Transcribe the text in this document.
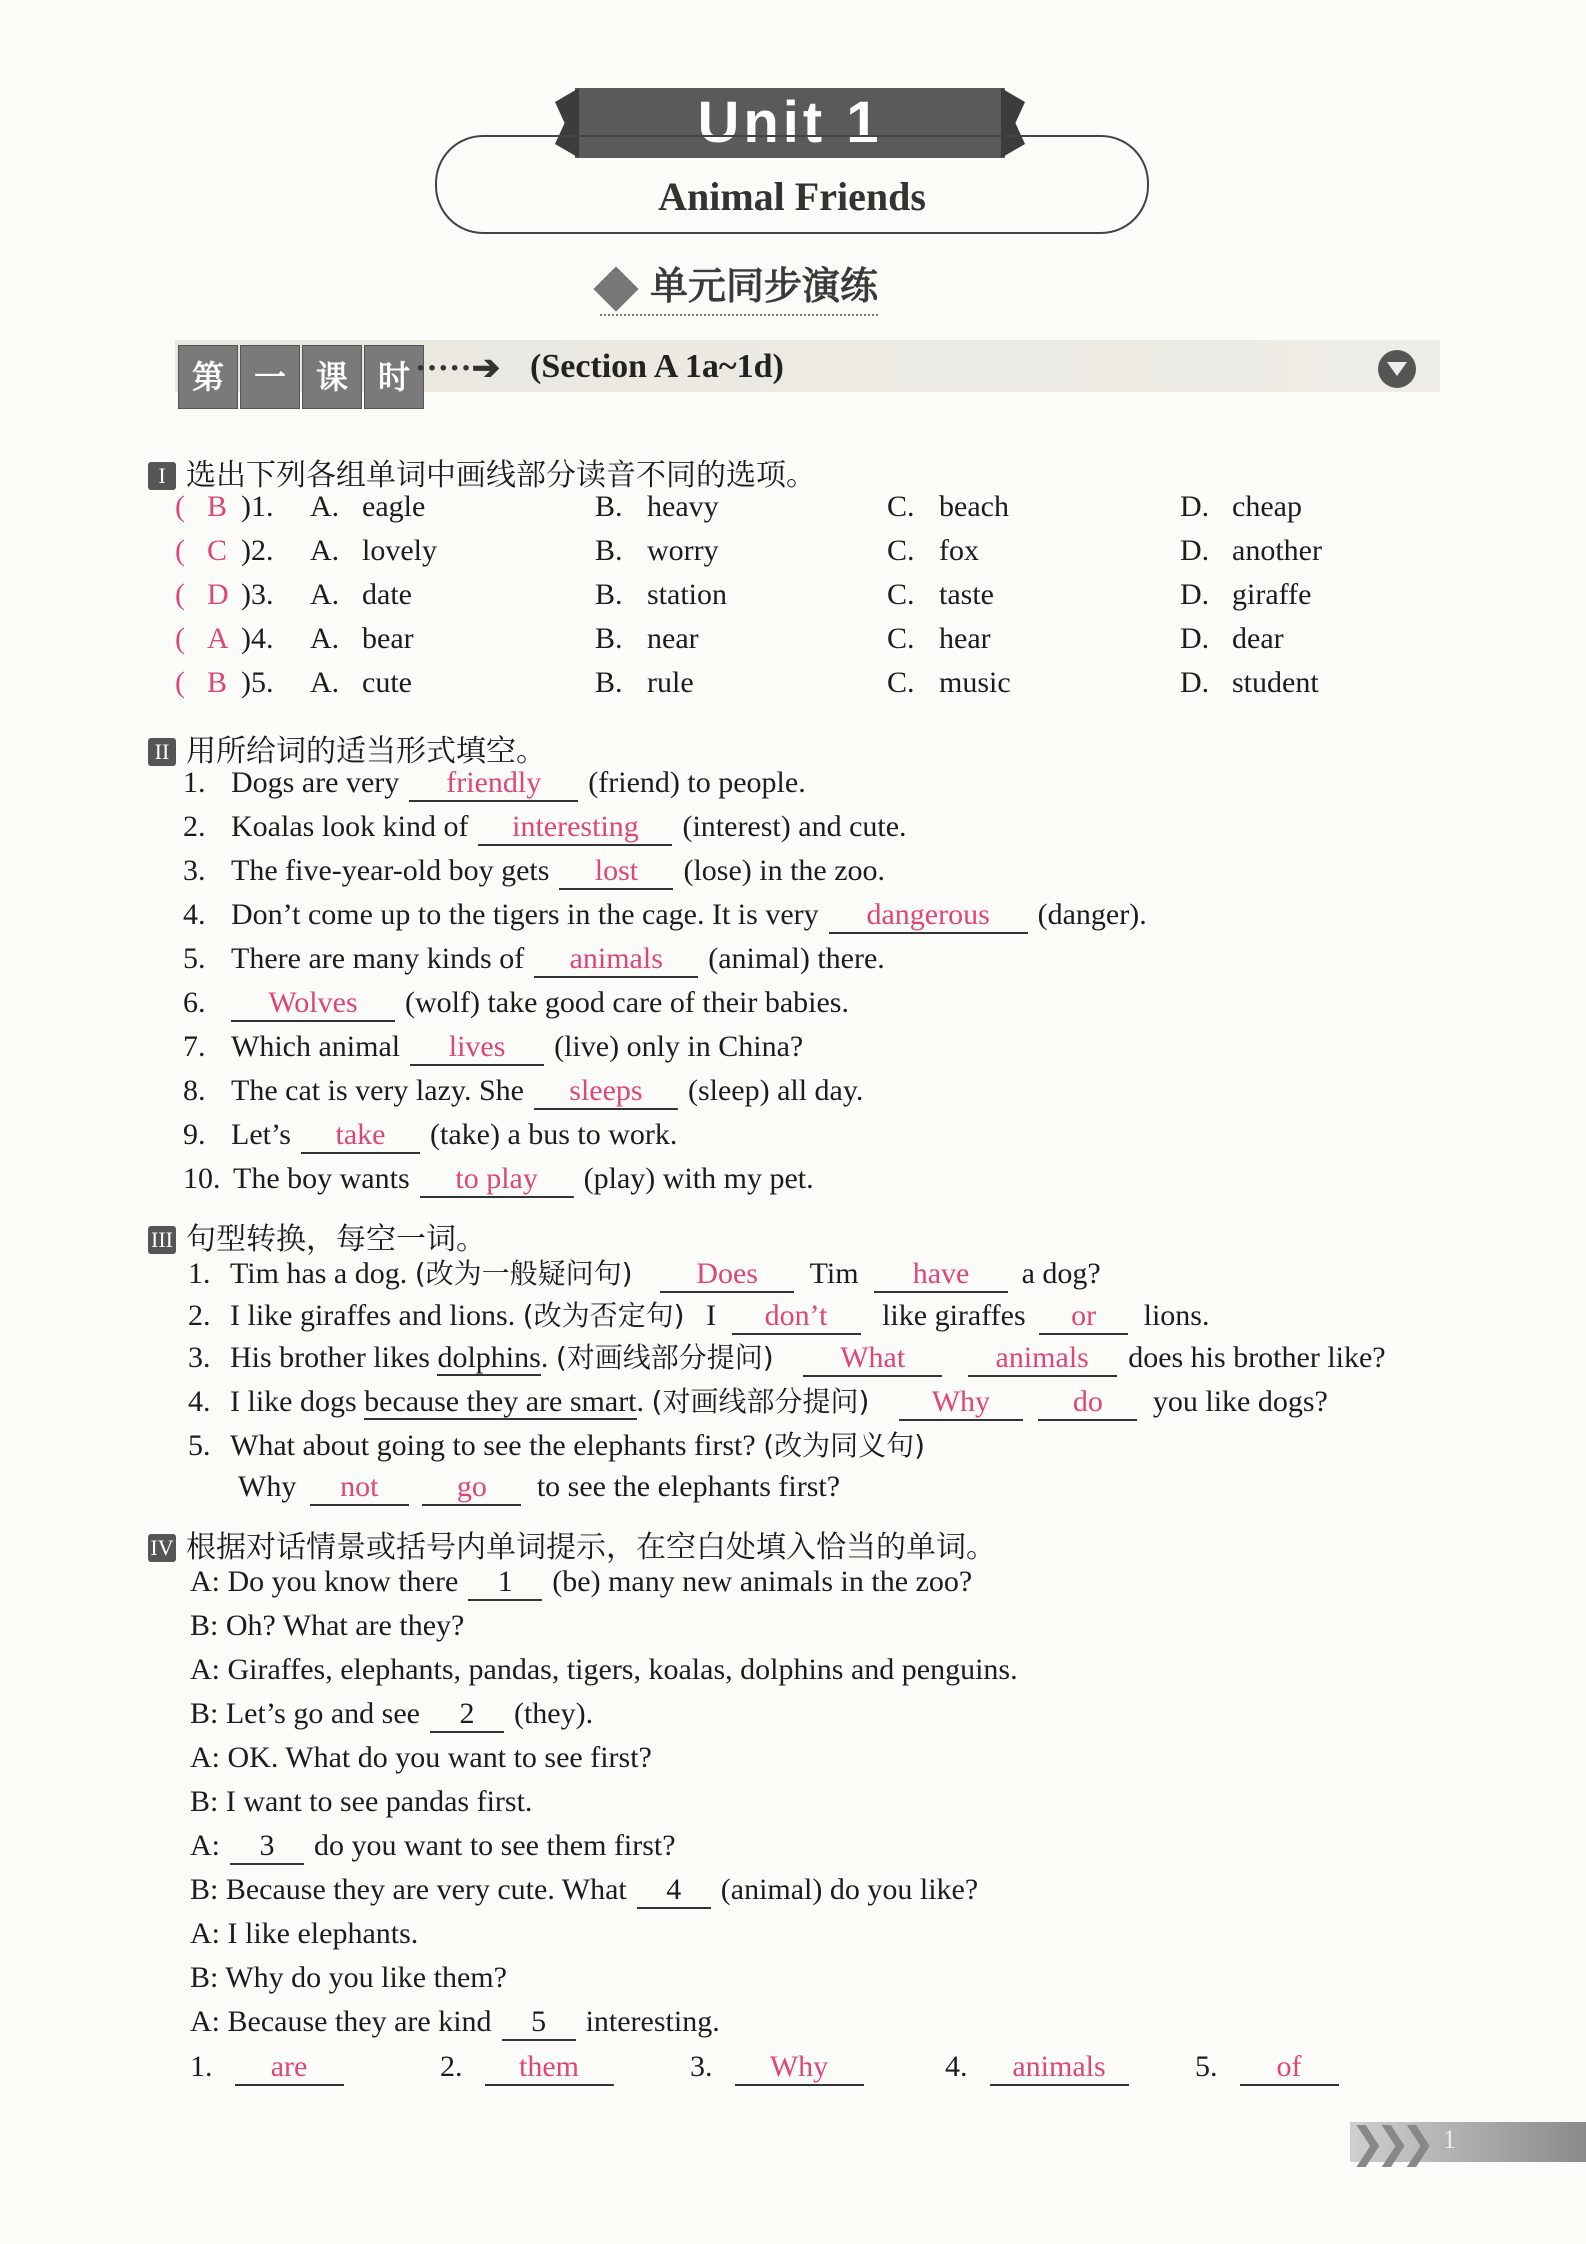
Unit 1
Animal Friends
单元同步演练
第 一 课 时 ·····➔ (Section A 1a~1d)
I 选出下列各组单词中画线部分读音不同的选项。
( B )1. A. eagle	B. heavy	C. beach	D. cheap
( C )2. A. lovely	B. worry	C. fox	D. another
( D )3. A. date	B. station	C. taste	D. giraffe
( A )4. A. bear	B. near	C. hear	D. dear
( B )5. A. cute	B. rule	C. music	D. student
II 用所给词的适当形式填空。
1. Dogs are very friendly (friend) to people.
2. Koalas look kind of interesting (interest) and cute.
3. The five-year-old boy gets lost (lose) in the zoo.
4. Don’t come up to the tigers in the cage. It is very dangerous (danger).
5. There are many kinds of animals (animal) there.
6. Wolves (wolf) take good care of their babies.
7. Which animal lives (live) only in China?
8. The cat is very lazy. She sleeps (sleep) all day.
9. Let’s take (take) a bus to work.
10. The boy wants to play (play) with my pet.
III 句型转换，每空一词。
1. Tim has a dog. (改为一般疑问句) Does Tim have a dog?
2. I like giraffes and lions. (改为否定句) I don’t like giraffes or lions.
3. His brother likes dolphins. (对画线部分提问) What	animals does his brother like?
4. I like dogs because they are smart. (对画线部分提问) Why	do you like dogs?
5. What about going to see the elephants first? (改为同义句)
Why not	go to see the elephants first?
IV 根据对话情景或括号内单词提示，在空白处填入恰当的单词。
A: Do you know there 1 (be) many new animals in the zoo?
B: Oh? What are they?
A: Giraffes, elephants, pandas, tigers, koalas, dolphins and penguins.
B: Let’s go and see 2 (they).
A: OK. What do you want to see first?
B: I want to see pandas first.
A: 3 do you want to see them first?
B: Because they are very cute. What 4 (animal) do you like?
A: I like elephants.
B: Why do you like them?
A: Because they are kind 5 interesting.
1. are	2. them	3. Why	4. animals	5. of
❯❯❯ 1
